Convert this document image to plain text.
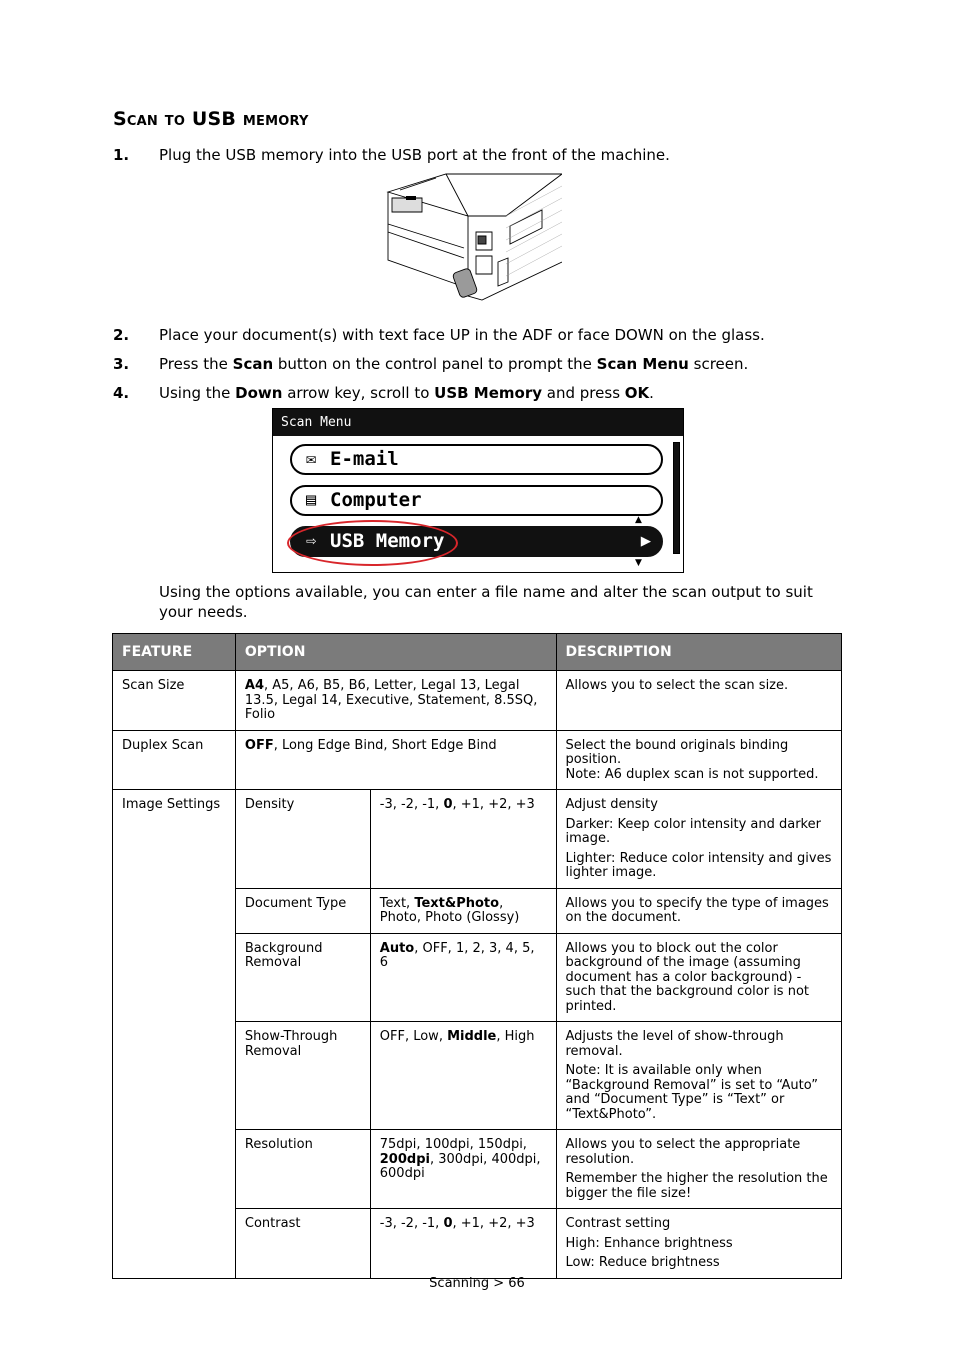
Scan to USB memory
1.	Plug the USB memory into the USB port at the front of the machine.
2.	Place your document(s) with text face UP in the ADF or face DOWN on the glass.
3.	Press the Scan button on the control panel to prompt the Scan Menu screen.
4.	Using the Down arrow key, scroll to USB Memory and press OK.
Scan Menu
✉ E-mail
▤ Computer
▲
⇨ USB Memory	▶
▼
Using the options available, you can enter a file name and alter the scan output to suit your needs.
FEATURE	OPTION		DESCRIPTION
Scan Size	A4, A5, A6, B5, B6, Letter, Legal 13, Legal 13.5, Legal 14, Executive, Statement, 8.5SQ, Folio		Allows you to select the scan size.
Duplex Scan	OFF, Long Edge Bind, Short Edge Bind		Select the bound originals binding position.
Note: A6 duplex scan is not supported.
Image Settings	Density	-3, -2, -1, 0, +1, +2, +3	Adjust density

Darker: Keep color intensity and darker image.

Lighter: Reduce color intensity and gives lighter image.

	Document Type	Text, Text&Photo, Photo, Photo (Glossy)	Allows you to specify the type of images on the document.
	Background Removal	Auto, OFF, 1, 2, 3, 4, 5, 6	Allows you to block out the color background of the image (assuming document has a color background) - such that the background color is not printed.
	Show-Through Removal	OFF, Low, Middle, High	Adjusts the level of show-through removal.

Note: It is available only when “Background Removal” is set to “Auto” and “Document Type” is “Text” or “Text&Photo”.

	Resolution	75dpi, 100dpi, 150dpi, 200dpi, 300dpi, 400dpi, 600dpi	Allows you to select the appropriate resolution.

Remember the higher the resolution the bigger the file size!

	Contrast	-3, -2, -1, 0, +1, +2, +3	Contrast setting

High: Enhance brightness

Low: Reduce brightness

Scanning > 66
